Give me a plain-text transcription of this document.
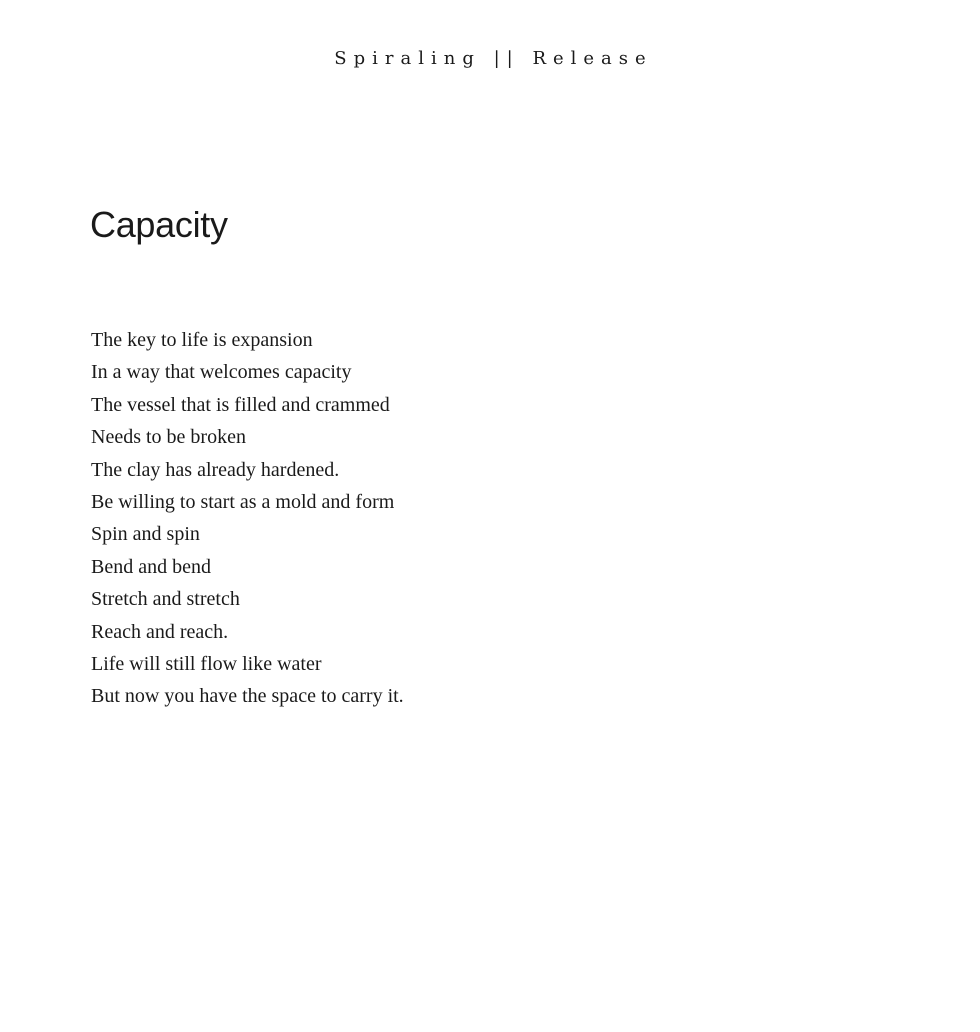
Spiraling || Release
Capacity
The key to life is expansion
In a way that welcomes capacity
The vessel that is filled and crammed
Needs to be broken
The clay has already hardened.
Be willing to start as a mold and form
Spin and spin
Bend and bend
Stretch and stretch
Reach and reach.
Life will still flow like water
But now you have the space to carry it.
